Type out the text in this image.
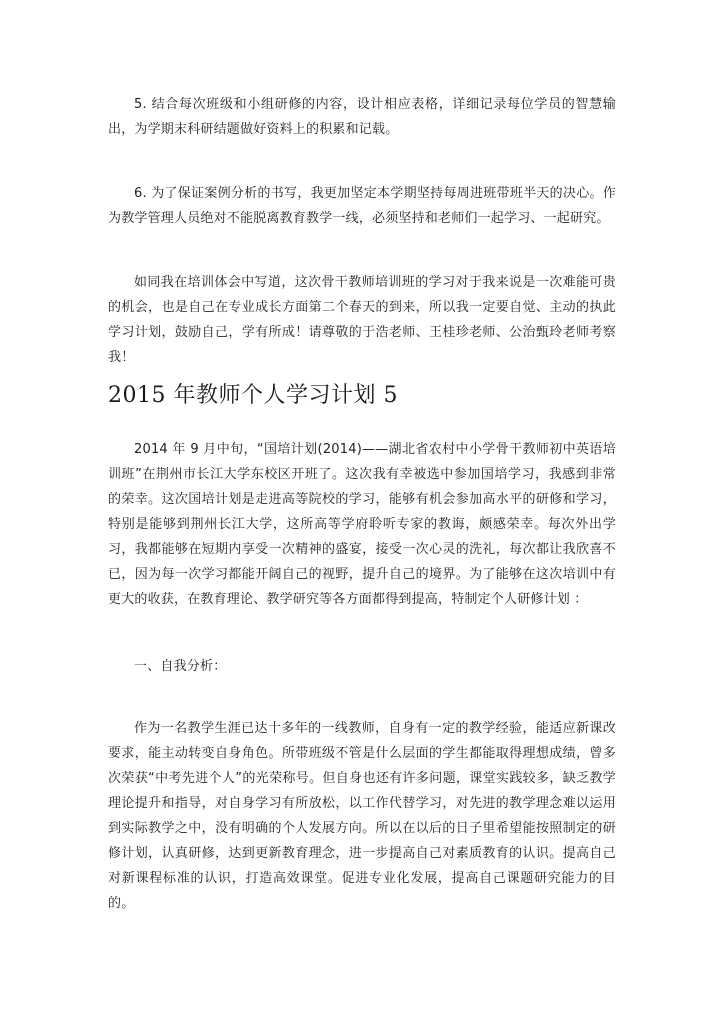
5. 结合每次班级和小组研修的内容，设计相应表格，详细记录每位学员的智慧输出，为学期末科研结题做好资料上的积累和记载。

6. 为了保证案例分析的书写，我更加坚定本学期坚持每周进班带班半天的决心。作为教学管理人员绝对不能脱离教育教学一线，必须坚持和老师们一起学习、一起研究。

如同我在培训体会中写道，这次骨干教师培训班的学习对于我来说是一次难能可贵的机会，也是自己在专业成长方面第二个春天的到来，所以我一定要自觉、主动的执此学习计划，鼓励自己，学有所成！请尊敬的于浩老师、王桂珍老师、公治甄玲老师考察我！

2015 年教师个人学习计划 5

2014 年 9 月中旬，“国培计划(2014)——湖北省农村中小学骨干教师初中英语培训班”在荆州市长江大学东校区开班了。这次我有幸被选中参加国培学习，我感到非常的荣幸。这次国培计划是走进高等院校的学习，能够有机会参加高水平的研修和学习，特别是能够到荆州长江大学，这所高等学府聆听专家的教诲，颇感荣幸。每次外出学习，我都能够在短期内享受一次精神的盛宴，接受一次心灵的洗礼，每次都让我欣喜不已，因为每一次学习都能开阔自己的视野，提升自己的境界。为了能够在这次培训中有更大的收获，在教育理论、教学研究等各方面都得到提高，特制定个人研修计划 ：

一、自我分析：

作为一名教学生涯已达十多年的一线教师，自身有一定的教学经验，能适应新课改要求，能主动转变自身角色。所带班级不管是什么层面的学生都能取得理想成绩，曾多次荣获“中考先进个人”的光荣称号。但自身也还有许多问题，课堂实践较多，缺乏教学理论提升和指导，对自身学习有所放松，以工作代替学习，对先进的教学理念难以运用到实际教学之中，没有明确的个人发展方向。所以在以后的日子里希望能按照制定的研修计划，认真研修，达到更新教育理念，进一步提高自己对素质教育的认识。提高自己对新课程标准的认识，打造高效课堂。促进专业化发展，提高自己课题研究能力的目的。
